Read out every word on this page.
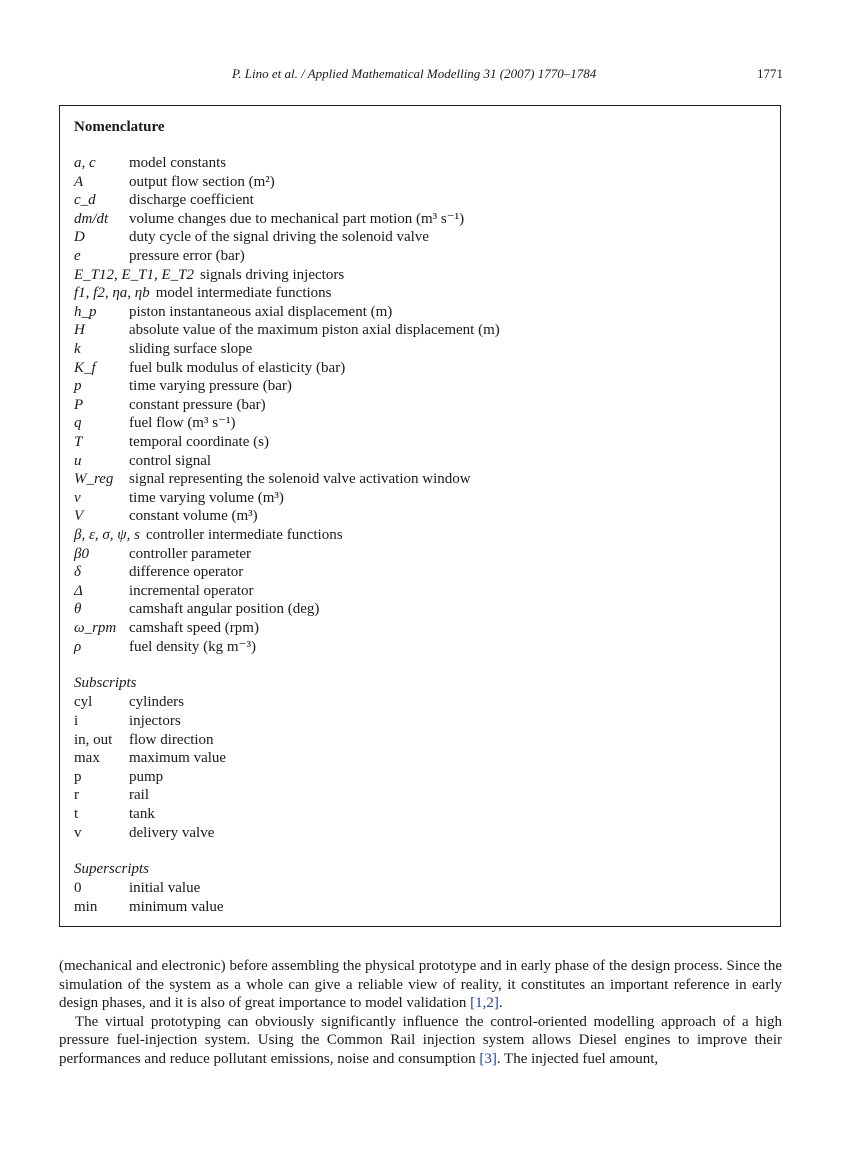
P. Lino et al. / Applied Mathematical Modelling 31 (2007) 1770–1784	1771
Nomenclature
a, c model constants
A	output flow section (m²)
c_d discharge coefficient
dm/dt volume changes due to mechanical part motion (m³ s⁻¹)
D	duty cycle of the signal driving the solenoid valve
e	pressure error (bar)
E_T12, E_T1, E_T2 signals driving injectors
f1, f2, ηa, ηb model intermediate functions
h_p piston instantaneous axial displacement (m)
H	absolute value of the maximum piston axial displacement (m)
k	sliding surface slope
K_f fuel bulk modulus of elasticity (bar)
p	time varying pressure (bar)
P	constant pressure (bar)
q	fuel flow (m³ s⁻¹)
T	temporal coordinate (s)
u	control signal
W_reg signal representing the solenoid valve activation window
v	time varying volume (m³)
V	constant volume (m³)
β, ε, σ, ψ, s controller intermediate functions
β0	controller parameter
δ	difference operator
Δ	incremental operator
θ	camshaft angular position (deg)
ω_rpm camshaft speed (rpm)
ρ	fuel density (kg m⁻³)
cyl cylinders
i	injectors
in, out flow direction
max maximum value
p	pump
r	rail
t	tank
v	delivery valve
0	initial value
min minimum value
Subscripts
Superscripts

(mechanical and electronic) before assembling the physical prototype and in early phase of the design process. Since the simulation of the system as a whole can give a reliable view of reality, it constitutes an important reference in early design phases, and it is also of great importance to model validation [1,2].

The virtual prototyping can obviously significantly influence the control-oriented modelling approach of a high pressure fuel-injection system. Using the Common Rail injection system allows Diesel engines to improve their performances and reduce pollutant emissions, noise and consumption [3]. The injected fuel amount,
